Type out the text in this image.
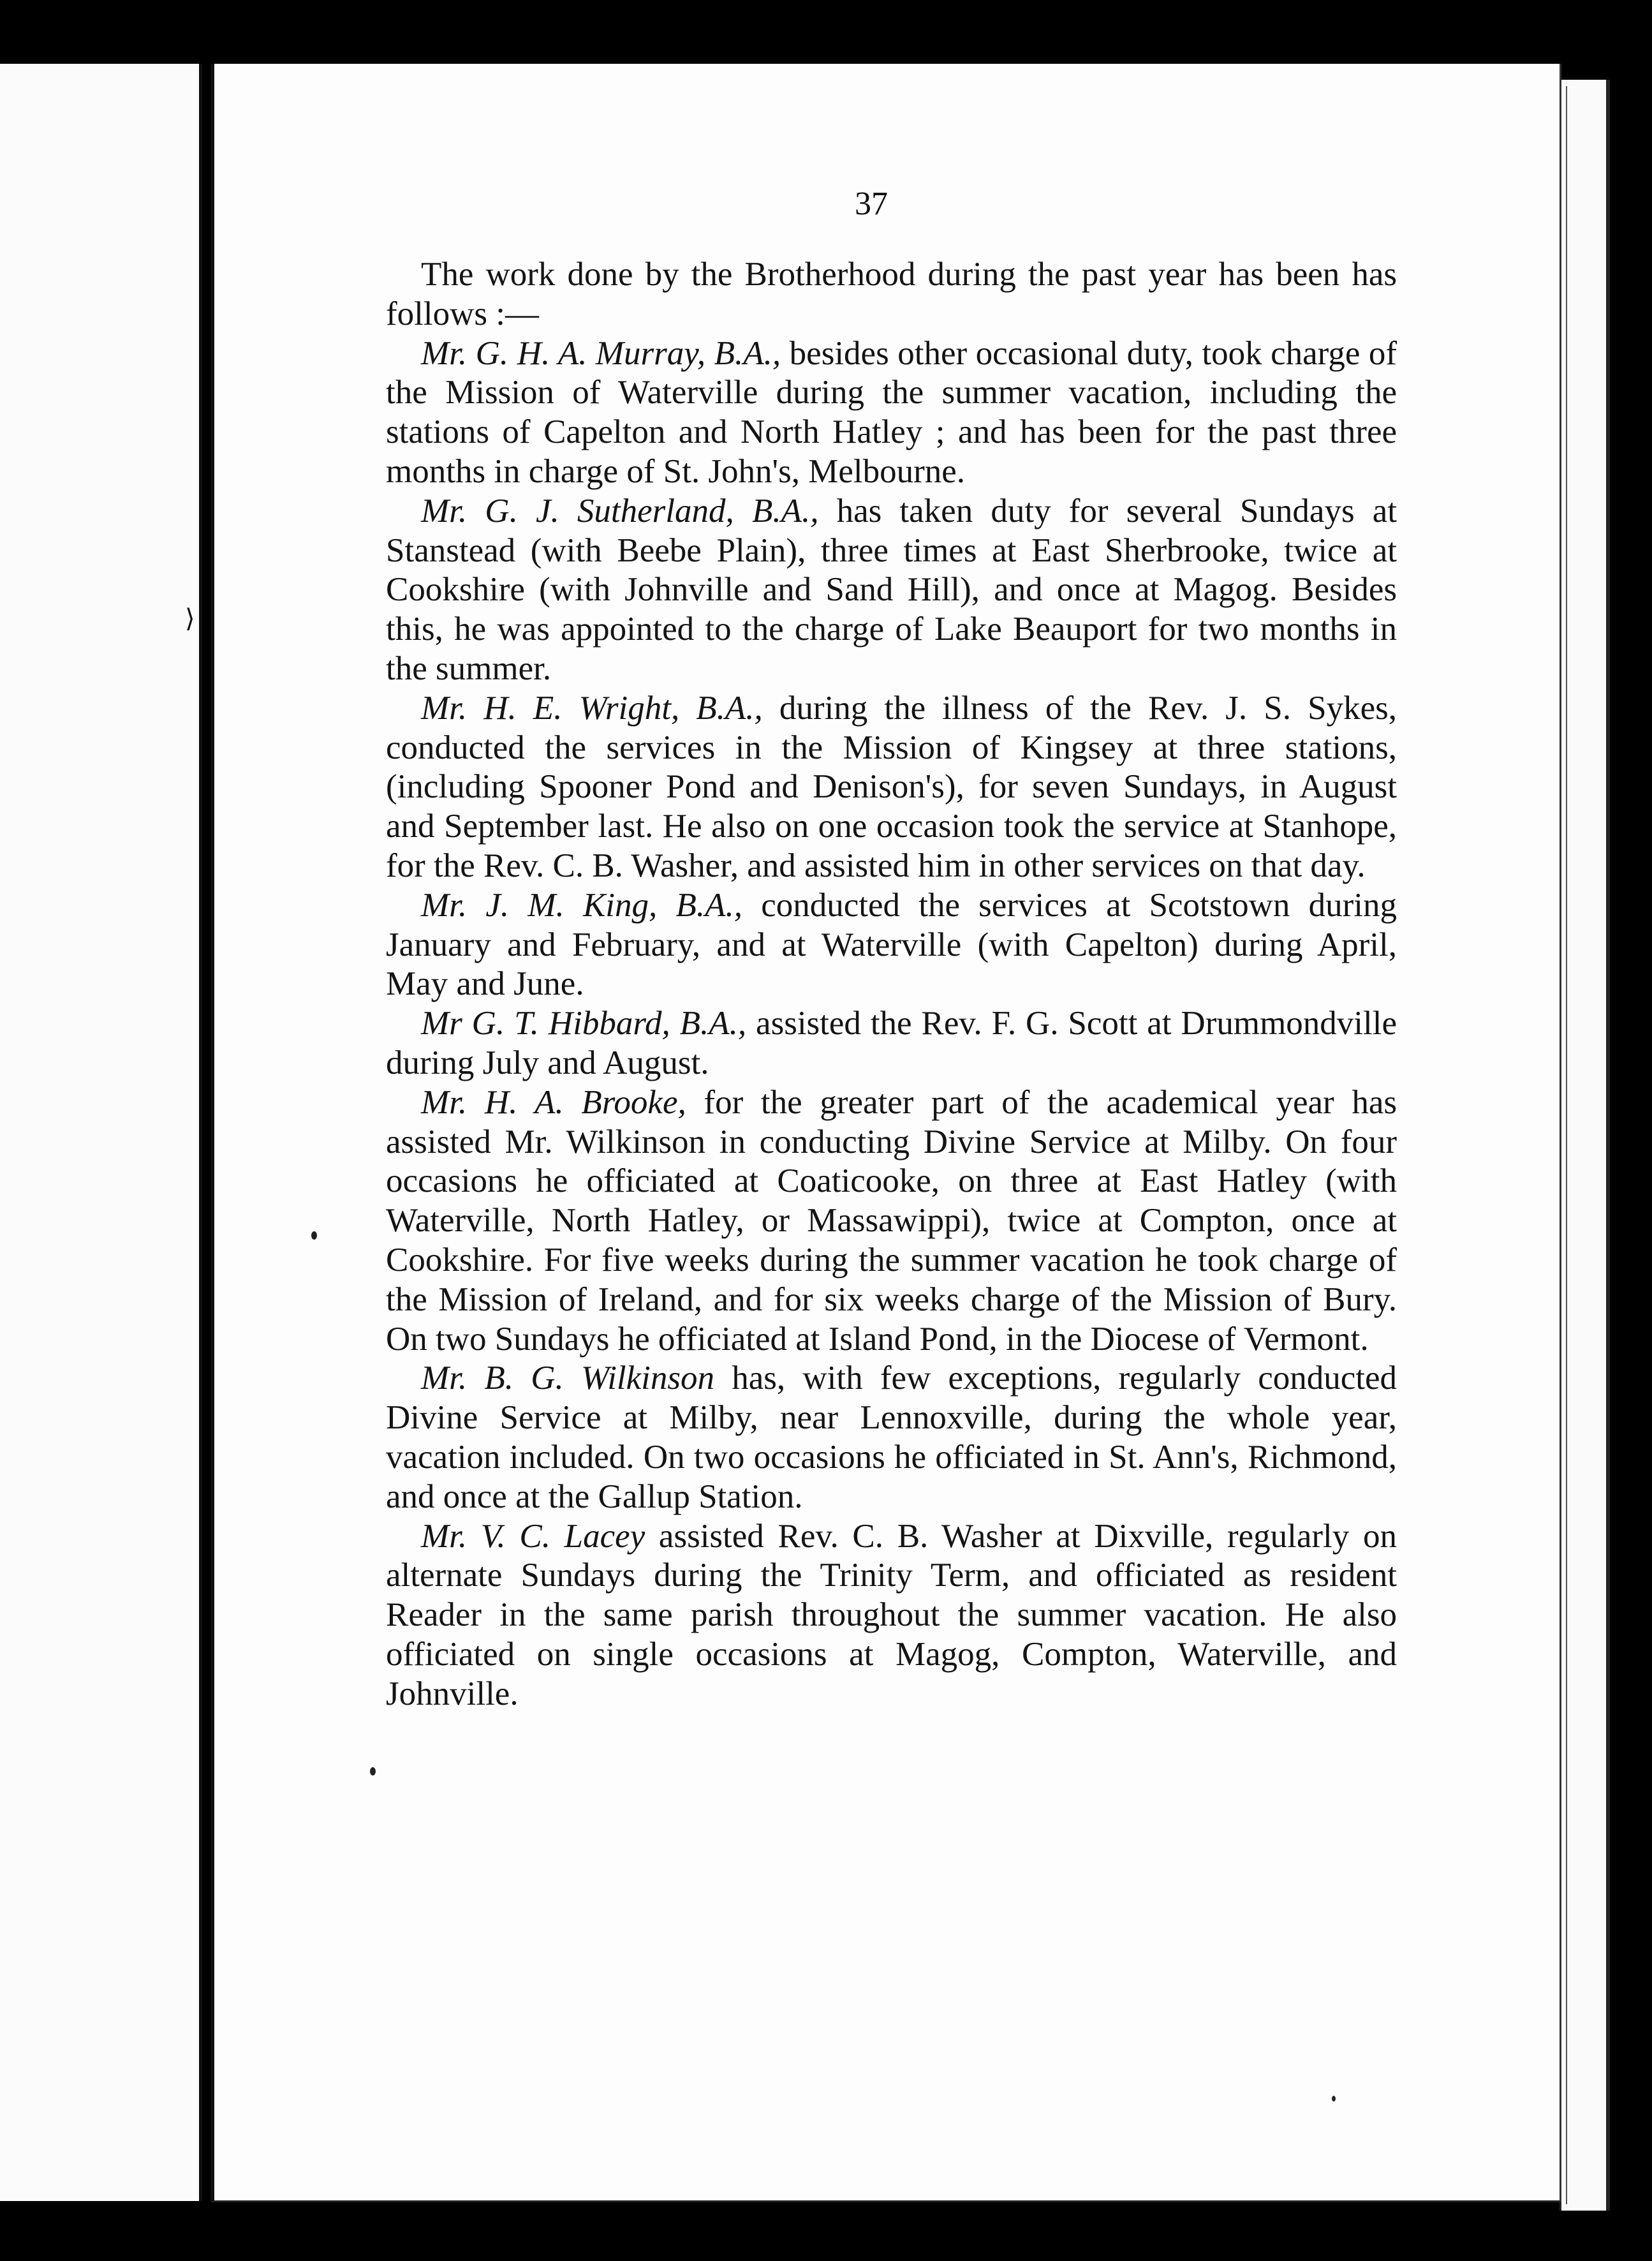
⟩
37

The work done by the Brotherhood during the past year has been has follows :—

Mr. G. H. A. Murray, B.A., besides other occasional duty, took charge of the Mission of Waterville during the summer vacation, including the stations of Capelton and North Hatley ; and has been for the past three months in charge of St. John's, Melbourne.

Mr. G. J. Sutherland, B.A., has taken duty for several Sundays at Stanstead (with Beebe Plain), three times at East Sherbrooke, twice at Cookshire (with Johnville and Sand Hill), and once at Magog. Besides this, he was appointed to the charge of Lake Beauport for two months in the summer.

Mr. H. E. Wright, B.A., during the illness of the Rev. J. S. Sykes, conducted the services in the Mission of Kingsey at three stations, (including Spooner Pond and Denison's), for seven Sundays, in August and September last. He also on one occasion took the service at Stanhope, for the Rev. C. B. Washer, and assisted him in other services on that day.

Mr. J. M. King, B.A., conducted the services at Scotstown during January and February, and at Waterville (with Capelton) during April, May and June.

Mr G. T. Hibbard, B.A., assisted the Rev. F. G. Scott at Drummondville during July and August.

Mr. H. A. Brooke, for the greater part of the academical year has assisted Mr. Wilkinson in conducting Divine Service at Milby. On four occasions he officiated at Coaticooke, on three at East Hatley (with Waterville, North Hatley, or Massawippi), twice at Compton, once at Cookshire. For five weeks during the summer vacation he took charge of the Mission of Ireland, and for six weeks charge of the Mission of Bury. On two Sundays he officiated at Island Pond, in the Diocese of Vermont.

Mr. B. G. Wilkinson has, with few exceptions, regularly conducted Divine Service at Milby, near Lennoxville, during the whole year, vacation included. On two occasions he officiated in St. Ann's, Richmond, and once at the Gallup Station.

Mr. V. C. Lacey assisted Rev. C. B. Washer at Dixville, regularly on alternate Sundays during the Trinity Term, and officiated as resident Reader in the same parish throughout the summer vacation. He also officiated on single occasions at Magog, Compton, Waterville, and Johnville.
